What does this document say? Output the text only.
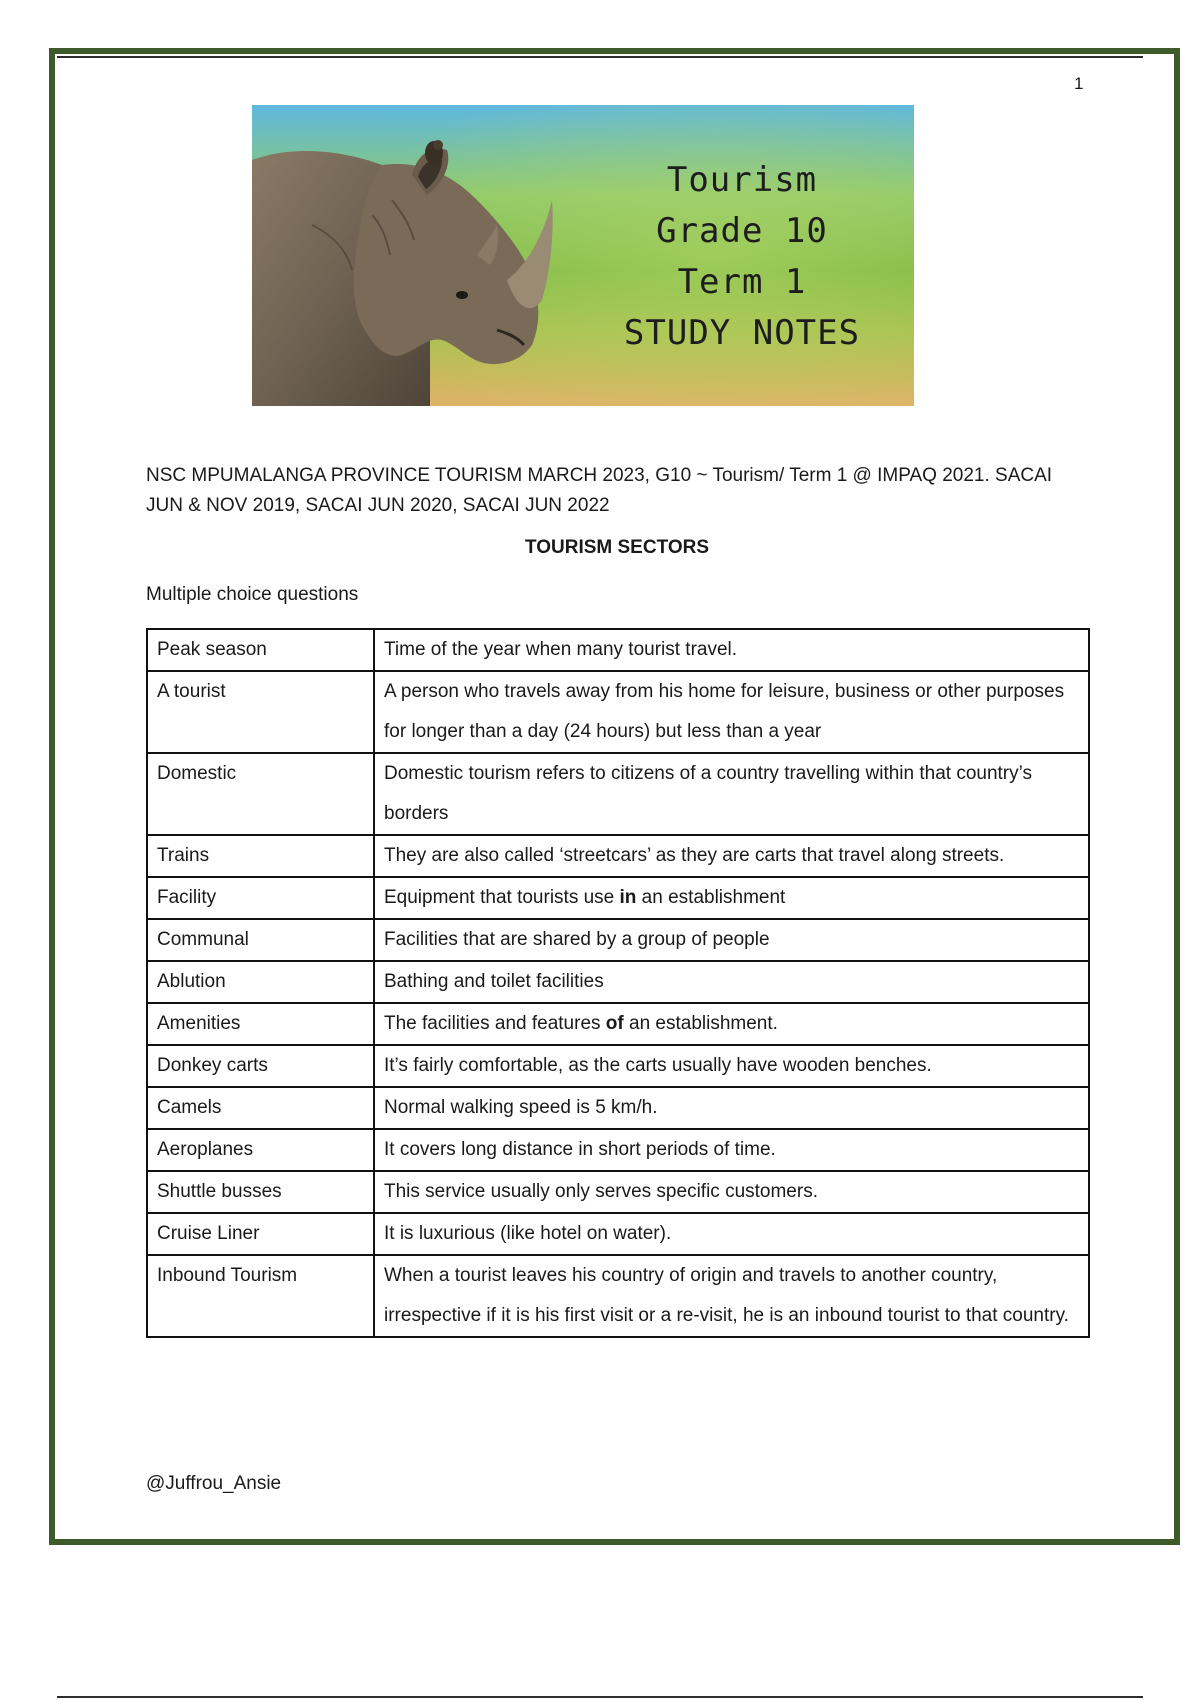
1
Tourism
Grade 10
Term 1
STUDY NOTES
NSC MPUMALANGA PROVINCE TOURISM MARCH 2023, G10 ~ Tourism/ Term 1 @ IMPAQ 2021. SACAI JUN & NOV 2019, SACAI JUN 2020, SACAI JUN 2022
TOURISM SECTORS
Multiple choice questions
Peak season	Time of the year when many tourist travel.
A tourist	A person who travels away from his home for leisure, business or other purposes for longer than a day (24 hours) but less than a year
Domestic	Domestic tourism refers to citizens of a country travelling within that country’s borders
Trains	They are also called ‘streetcars’ as they are carts that travel along streets.
Facility	Equipment that tourists use in an establishment
Communal	Facilities that are shared by a group of people
Ablution	Bathing and toilet facilities
Amenities	The facilities and features of an establishment.
Donkey carts	It’s fairly comfortable, as the carts usually have wooden benches.
Camels	Normal walking speed is 5 km/h.
Aeroplanes	It covers long distance in short periods of time.
Shuttle busses	This service usually only serves specific customers.
Cruise Liner	It is luxurious (like hotel on water).
Inbound Tourism	When a tourist leaves his country of origin and travels to another country, irrespective if it is his first visit or a re-visit, he is an inbound tourist to that country.
@Juffrou_Ansie
